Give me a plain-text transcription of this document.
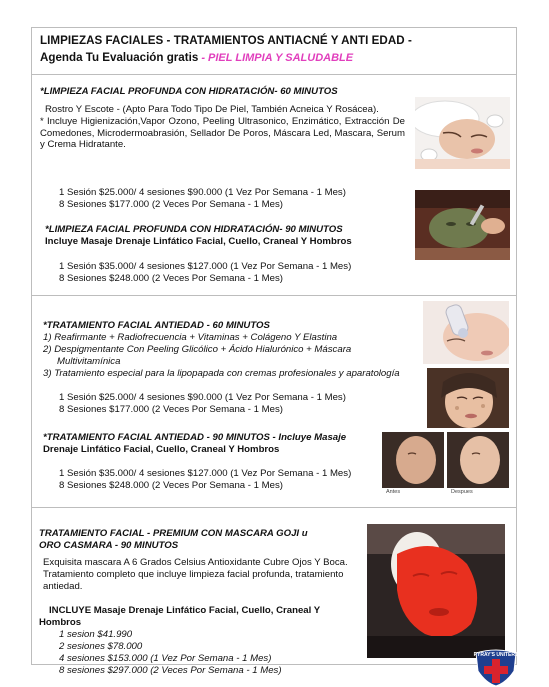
LIMPIEZAS FACIALES - TRATAMIENTOS ANTIACNÉ Y ANTI EDAD -
Agenda Tu Evaluación gratis - PIEL LIMPIA Y SALUDABLE
*LIMPIEZA FACIAL PROFUNDA CON HIDRATACIÓN- 60 MINUTOS
Rostro Y Escote - (Apto Para Todo Tipo De Piel, También Acneica Y Rosácea).
* Incluye Higienización,Vapor Ozono, Peeling Ultrasonico, Enzimático, Extracción De Comedones, Microdermoabrasión, Sellador De Poros, Máscara Led, Mascara, Serum y Crema Hidratante.
1 Sesión $25.000/ 4 sesiones $90.000 (1 Vez Por Semana - 1 Mes)
8 Sesiones $177.000 (2 Veces Por Semana - 1 Mes)
*LIMPIEZA FACIAL PROFUNDA CON HIDRATACIÓN- 90 MINUTOS
Incluye Masaje Drenaje Linfático Facial, Cuello, Craneal Y Hombros
1 Sesión $35.000/ 4 sesiones $127.000 (1 Vez Por Semana - 1 Mes)
8 Sesiones $248.000 (2 Veces Por Semana - 1 Mes)
*TRATAMIENTO FACIAL ANTIEDAD - 60 MINUTOS
1) Reafirmante + Radiofrecuencia + Vitaminas + Colágeno Y Elastina
2) Despigmentante Con Peeling Glicólico + Ácido Hialurónico + Máscara
Multivitamínica
3) Tratamiento especial para la lipopapada con cremas profesionales y aparatología
1 Sesión $25.000/ 4 sesiones $90.000 (1 Vez Por Semana - 1 Mes)
8 Sesiones $177.000 (2 Veces Por Semana - 1 Mes)
*TRATAMIENTO FACIAL ANTIEDAD - 90 MINUTOS - Incluye Masaje
Drenaje Linfático Facial, Cuello, Craneal Y Hombros
1 Sesión $35.000/ 4 sesiones $127.000 (1 Vez Por Semana - 1 Mes)
8 Sesiones $248.000 (2 Veces Por Semana - 1 Mes)
Antes	Despues
TRATAMIENTO FACIAL - PREMIUM CON MASCARA GOJI u
ORO CASMARA - 90 MINUTOS
Exquisita mascara A 6 Grados Celsius Antioxidante Cubre Ojos Y Boca.
Tratamiento completo que incluye limpieza facial profunda, tratamiento
antiedad.
INCLUYE Masaje Drenaje Linfático Facial, Cuello, Craneal Y
Hombros
1 sesion $41.990
2 sesiones $78.000
4 sesiones $153.000 (1 Vez Por Semana - 1 Mes)
8 sesiones $297.000 (2 Veces Por Semana - 1 Mes)
PYRAY'S UNITERS
